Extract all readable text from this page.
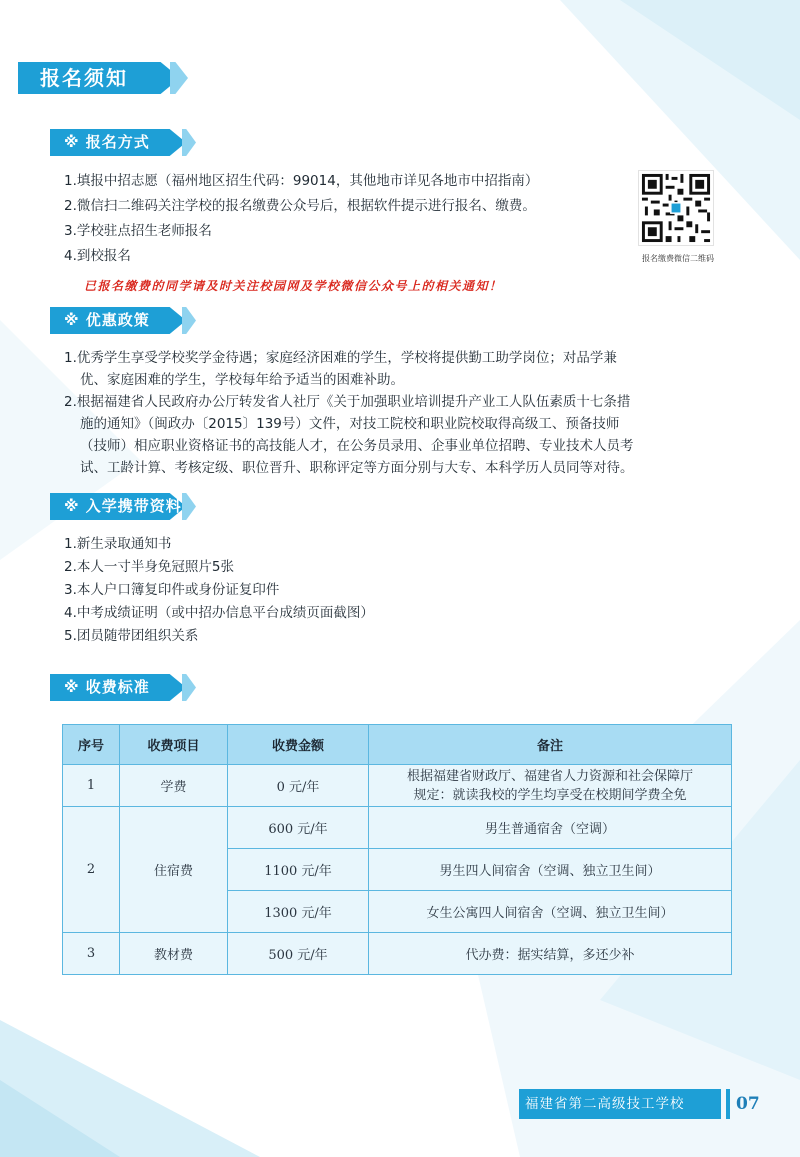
报名须知
※ 报名方式
1.填报中招志愿（福州地区招生代码：99014，其他地市详见各地市中招指南）
2.微信扫二维码关注学校的报名缴费公众号后，根据软件提示进行报名、缴费。
3.学校驻点招生老师报名
4.到校报名
已报名缴费的同学请及时关注校园网及学校微信公众号上的相关通知！
报名缴费微信二维码
※ 优惠政策
1.优秀学生享受学校奖学金待遇；家庭经济困难的学生，学校将提供勤工助学岗位；对品学兼
优、家庭困难的学生，学校每年给予适当的困难补助。
2.根据福建省人民政府办公厅转发省人社厅《关于加强职业培训提升产业工人队伍素质十七条措
施的通知》（闽政办〔2015〕139号）文件，对技工院校和职业院校取得高级工、预备技师
（技师）相应职业资格证书的高技能人才，在公务员录用、企事业单位招聘、专业技术人员考
试、工龄计算、考核定级、职位晋升、职称评定等方面分别与大专、本科学历人员同等对待。
※ 入学携带资料
1.新生录取通知书
2.本人一寸半身免冠照片5张
3.本人户口簿复印件或身份证复印件
4.中考成绩证明（或中招办信息平台成绩页面截图）
5.团员随带团组织关系
※ 收费标准
序号	收费项目	收费金额	备注
1	学费	0 元/年	根据福建省财政厅、福建省人力资源和社会保障厅
规定：就读我校的学生均享受在校期间学费全免

2	住宿费	600 元/年	男生普通宿舍（空调）
		1100 元/年	男生四人间宿舍（空调、独立卫生间）
		1300 元/年	女生公寓四人间宿舍（空调、独立卫生间）
3	教材费	500 元/年	代办费：据实结算，多还少补
福建省第二高级技工学校	07
